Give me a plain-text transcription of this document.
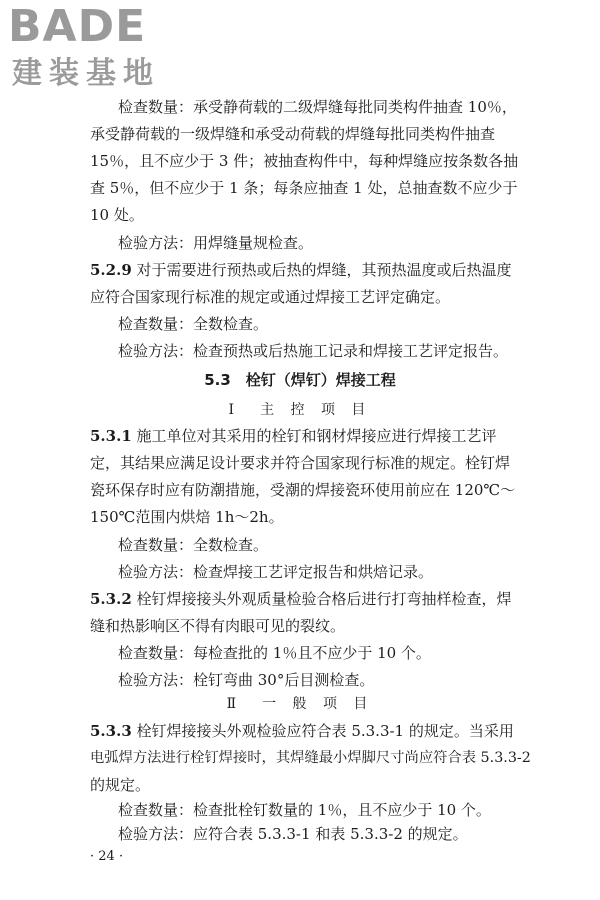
BADE
建装基地
检查数量：承受静荷载的二级焊缝每批同类构件抽查 10％，
承受静荷载的一级焊缝和承受动荷载的焊缝每批同类构件抽查
15％，且不应少于 3 件；被抽查构件中，每种焊缝应按条数各抽
查 5％，但不应少于 1 条；每条应抽查 1 处，总抽查数不应少于
10 处。
检验方法：用焊缝量规检查。
5.2.9 对于需要进行预热或后热的焊缝，其预热温度或后热温度
应符合国家现行标准的规定或通过焊接工艺评定确定。
检查数量：全数检查。
检验方法：检查预热或后热施工记录和焊接工艺评定报告。
5.3　栓钉（焊钉）焊接工程
Ⅰ　主 控 项 目
5.3.1 施工单位对其采用的栓钉和钢材焊接应进行焊接工艺评
定，其结果应满足设计要求并符合国家现行标准的规定。栓钉焊
瓷环保存时应有防潮措施，受潮的焊接瓷环使用前应在 120℃～
150℃范围内烘焙 1h～2h。
检查数量：全数检查。
检验方法：检查焊接工艺评定报告和烘焙记录。
5.3.2 栓钉焊接接头外观质量检验合格后进行打弯抽样检查，焊
缝和热影响区不得有肉眼可见的裂纹。
检查数量：每检查批的 1％且不应少于 10 个。
检验方法：栓钉弯曲 30°后目测检查。
Ⅱ　一 般 项 目
5.3.3 栓钉焊接接头外观检验应符合表 5.3.3-1 的规定。当采用
电弧焊方法进行栓钉焊接时，其焊缝最小焊脚尺寸尚应符合表 5.3.3-2
的规定。
检查数量：检查批栓钉数量的 1％，且不应少于 10 个。
检验方法：应符合表 5.3.3-1 和表 5.3.3-2 的规定。
· 24 ·
